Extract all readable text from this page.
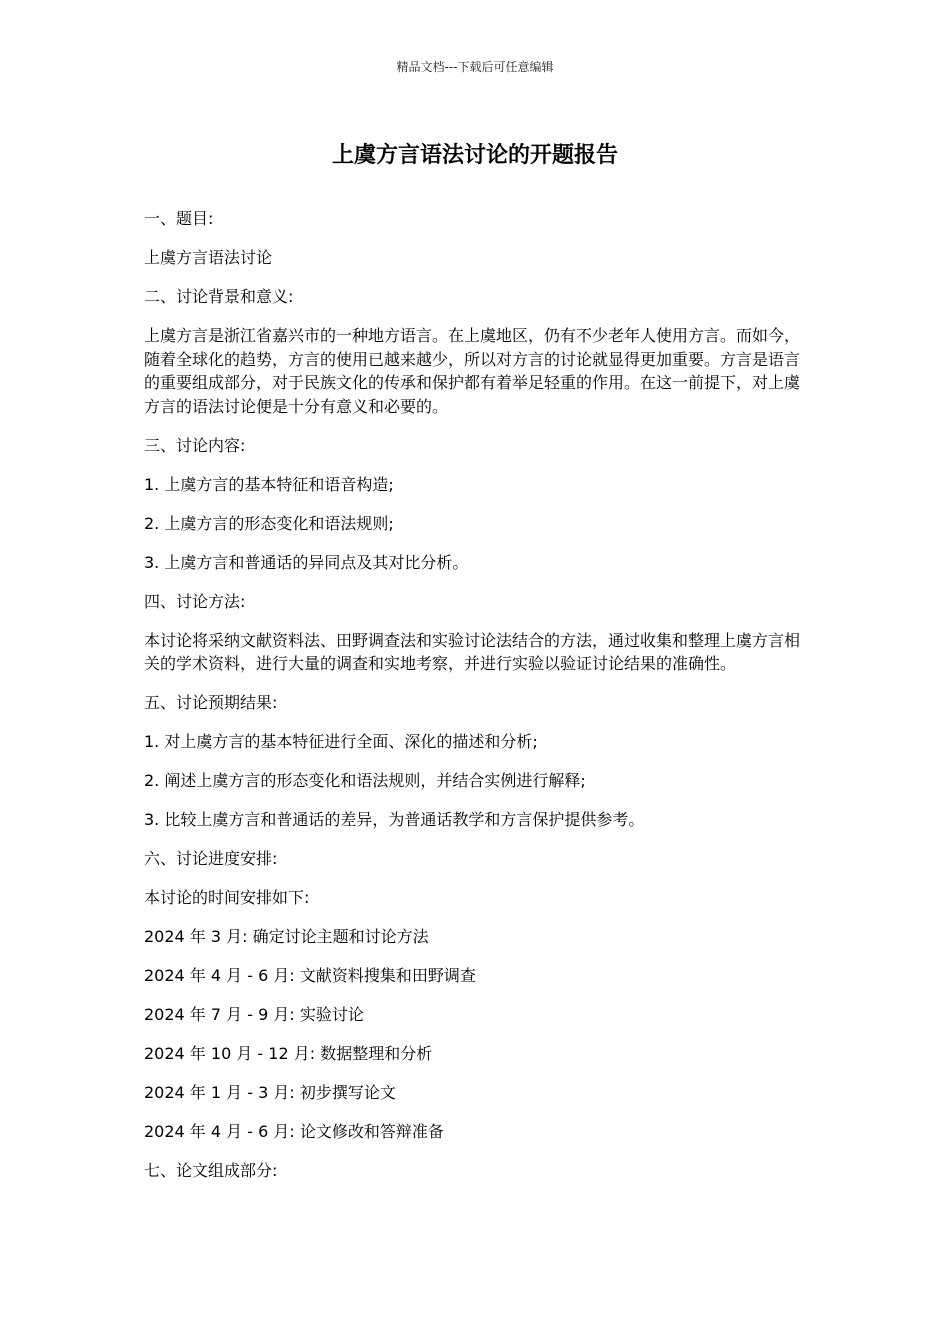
精品文档---下载后可任意编辑
上虞方言语法讨论的开题报告

一、题目:

上虞方言语法讨论

二、讨论背景和意义:

上虞方言是浙江省嘉兴市的一种地方语言。在上虞地区，仍有不少老年人使用方言。而如今，随着全球化的趋势，方言的使用已越来越少，所以对方言的讨论就显得更加重要。方言是语言的重要组成部分，对于民族文化的传承和保护都有着举足轻重的作用。在这一前提下，对上虞方言的语法讨论便是十分有意义和必要的。

三、讨论内容:

1. 上虞方言的基本特征和语音构造;

2. 上虞方言的形态变化和语法规则;

3. 上虞方言和普通话的异同点及其对比分析。

四、讨论方法:

本讨论将采纳文献资料法、田野调查法和实验讨论法结合的方法，通过收集和整理上虞方言相关的学术资料，进行大量的调查和实地考察，并进行实验以验证讨论结果的准确性。

五、讨论预期结果:

1. 对上虞方言的基本特征进行全面、深化的描述和分析;

2. 阐述上虞方言的形态变化和语法规则，并结合实例进行解释;

3. 比较上虞方言和普通话的差异，为普通话教学和方言保护提供参考。

六、讨论进度安排:

本讨论的时间安排如下:

2024 年 3 月: 确定讨论主题和讨论方法

2024 年 4 月 - 6 月: 文献资料搜集和田野调查

2024 年 7 月 - 9 月: 实验讨论

2024 年 10 月 - 12 月: 数据整理和分析

2024 年 1 月 - 3 月: 初步撰写论文

2024 年 4 月 - 6 月: 论文修改和答辩准备

七、论文组成部分:
